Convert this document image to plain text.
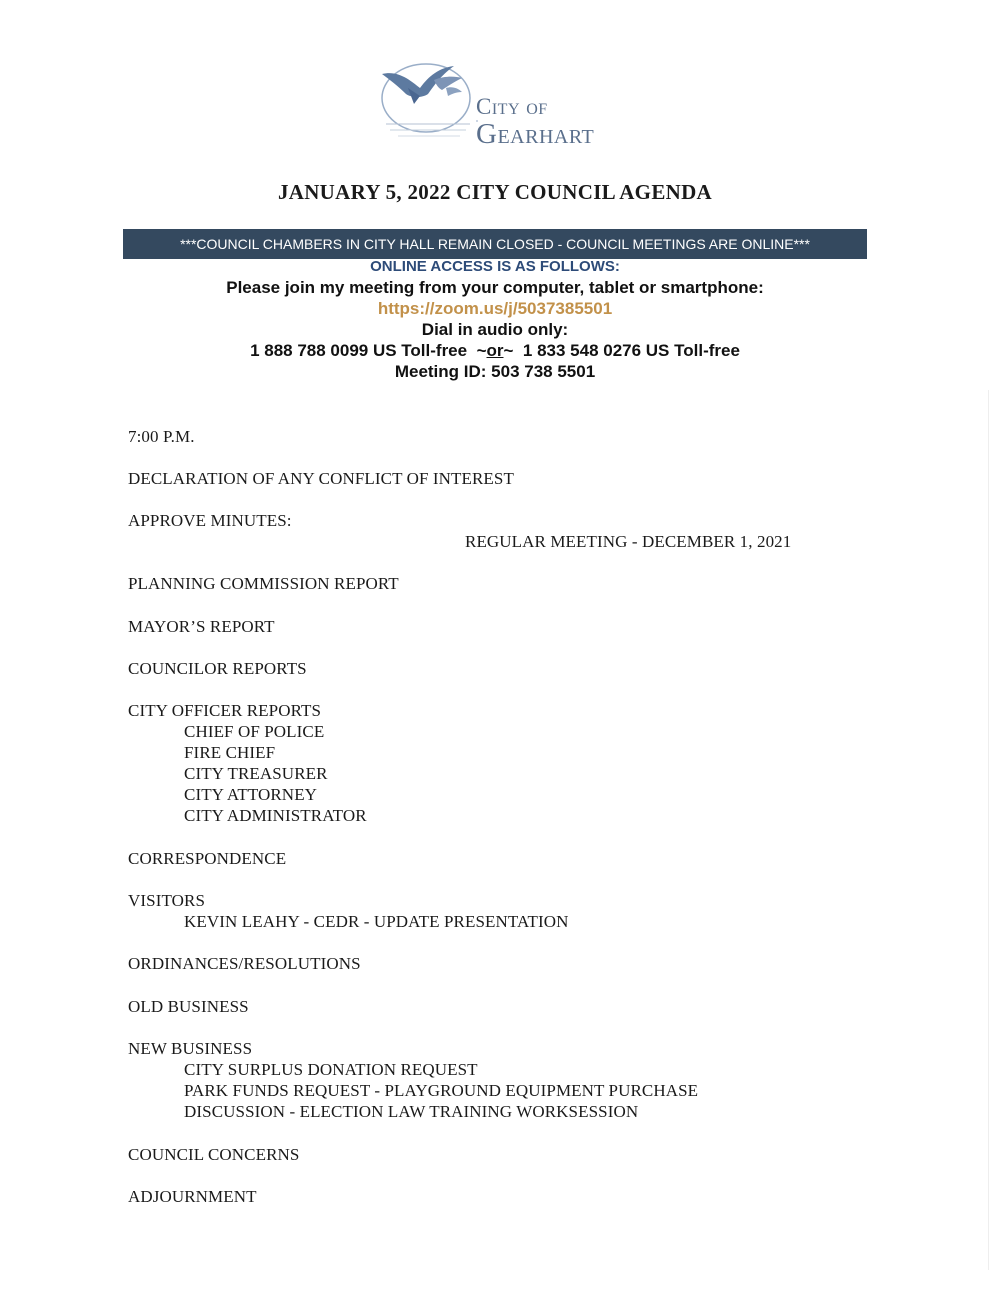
City of
Gearhart
JANUARY 5, 2022 CITY COUNCIL AGENDA
***COUNCIL CHAMBERS IN CITY HALL REMAIN CLOSED - COUNCIL MEETINGS ARE ONLINE***
ONLINE ACCESS IS AS FOLLOWS:
Please join my meeting from your computer, tablet or smartphone:
https://zoom.us/j/5037385501
Dial in audio only:
1 888 788 0099 US Toll-free ~or~ 1 833 548 0276 US Toll-free
Meeting ID: 503 738 5501
7:00 P.M.
DECLARATION OF ANY CONFLICT OF INTEREST
APPROVE MINUTES:
REGULAR MEETING - DECEMBER 1, 2021
PLANNING COMMISSION REPORT
MAYOR’S REPORT
COUNCILOR REPORTS
CITY OFFICER REPORTS
CHIEF OF POLICE
FIRE CHIEF
CITY TREASURER
CITY ATTORNEY
CITY ADMINISTRATOR
CORRESPONDENCE
VISITORS
KEVIN LEAHY - CEDR - UPDATE PRESENTATION
ORDINANCES/RESOLUTIONS
OLD BUSINESS
NEW BUSINESS
CITY SURPLUS DONATION REQUEST
PARK FUNDS REQUEST - PLAYGROUND EQUIPMENT PURCHASE
DISCUSSION - ELECTION LAW TRAINING WORKSESSION
COUNCIL CONCERNS
ADJOURNMENT
